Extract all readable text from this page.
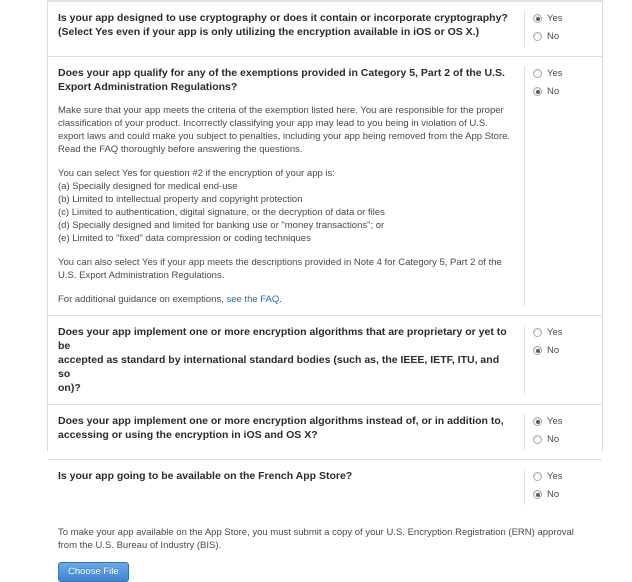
Is your app designed to use cryptography or does it contain or incorporate cryptography?
(Select Yes even if your app is only utilizing the encryption available in iOS or OS X.)
Yes
No
Does your app qualify for any of the exemptions provided in Category 5, Part 2 of the U.S.
Export Administration Regulations?

Make sure that your app meets the criteria of the exemption listed here. You are responsible for the proper classification of your product. Incorrectly classifying your app may lead to you being in violation of U.S. export laws and could make you subject to penalties, including your app being removed from the App Store. Read the FAQ thoroughly before answering the questions.

You can select Yes for question #2 if the encryption of your app is:
(a) Specially designed for medical end-use
(b) Limited to intellectual property and copyright protection
(c) Limited to authentication, digital signature, or the decryption of data or files
(d) Specially designed and limited for banking use or "money transactions"; or
(e) Limited to "fixed" data compression or coding techniques

You can also select Yes if your app meets the descriptions provided in Note 4 for Category 5, Part 2 of the U.S. Export Administration Regulations.

For additional guidance on exemptions, see the FAQ.

Yes
No
Does your app implement one or more encryption algorithms that are proprietary or yet to be
accepted as standard by international standard bodies (such as, the IEEE, IETF, ITU, and so
on)?
Yes
No
Does your app implement one or more encryption algorithms instead of, or in addition to,
accessing or using the encryption in iOS and OS X?
Yes
No
Is your app going to be available on the French App Store?	Yes
No

To make your app available on the App Store, you must submit a copy of your U.S. Encryption Registration (ERN) approval from the U.S. Bureau of Industry (BIS).

Choose File
